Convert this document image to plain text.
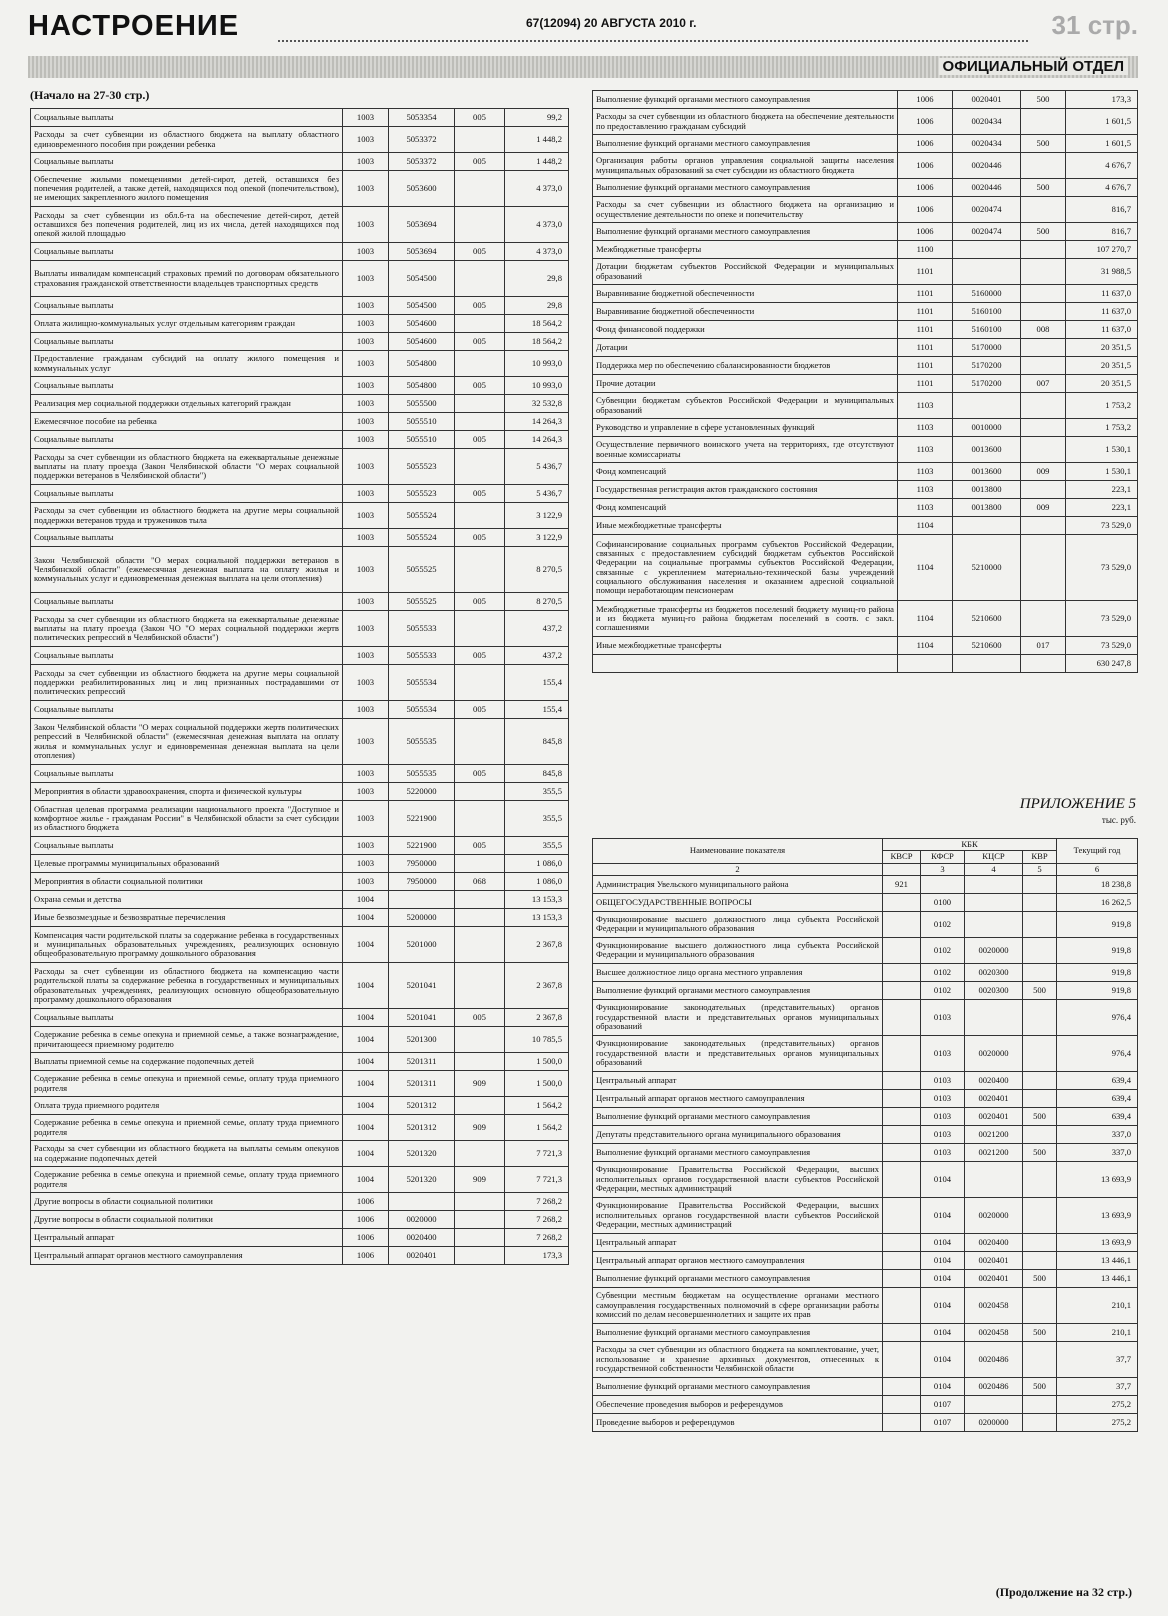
НАСТРОЕНИЕ	67(12094) 20 АВГУСТА 2010 г.	31 стр.
ОФИЦИАЛЬНЫЙ ОТДЕЛ
(Начало на 27-30 стр.)
Социальные выплаты	1003	5053354	005	99,2
Расходы за счет субвенции из областного бюджета на выплату областного единовременного пособия при рождении ребенка	1003	5053372		1 448,2
Социальные выплаты	1003	5053372	005	1 448,2
Обеспечение жилыми помещениями детей-сирот, детей, оставшихся без попечения родителей, а также детей, находящихся под опекой (попечительством), не имеющих закрепленного жилого помещения	1003	5053600		4 373,0
Расходы за счет субвенции из обл.б-та на обеспечение детей-сирот, детей оставшихся без попечения родителей, лиц из их числа, детей находящихся под опекой жилой площадью	1003	5053694		4 373,0
Социальные выплаты	1003	5053694	005	4 373,0
Выплаты инвалидам компенсаций страховых премий по договорам обязательного страхования гражданской ответственности владельцев транспортных средств	1003	5054500		29,8
Социальные выплаты	1003	5054500	005	29,8
Оплата жилищно-коммунальных услуг отдельным категориям граждан	1003	5054600		18 564,2
Социальные выплаты	1003	5054600	005	18 564,2
Предоставление гражданам субсидий на оплату жилого помещения и коммунальных услуг	1003	5054800		10 993,0
Социальные выплаты	1003	5054800	005	10 993,0
Реализация мер социальной поддержки отдельных категорий граждан	1003	5055500		32 532,8
Ежемесячное пособие на ребенка	1003	5055510		14 264,3
Социальные выплаты	1003	5055510	005	14 264,3
Расходы за счет субвенции из областного бюджета на ежеквартальные денежные выплаты на плату проезда (Закон Челябинской области "О мерах социальной поддержки ветеранов в Челябинской области")	1003	5055523		5 436,7
Социальные выплаты	1003	5055523	005	5 436,7
Расходы за счет субвенции из областного бюджета на другие меры социальной поддержки ветеранов труда и тружеников тыла	1003	5055524		3 122,9
Социальные выплаты	1003	5055524	005	3 122,9
Закон Челябинской области "О мерах социальной поддержки ветеранов в Челябинской области" (ежемесячная денежная выплата на оплату жилья и коммунальных услуг и единовременная денежная выплата на цели отопления)	1003	5055525		8 270,5
Социальные выплаты	1003	5055525	005	8 270,5
Расходы за счет субвенции из областного бюджета на ежеквартальные денежные выплаты на плату проезда (Закон ЧО "О мерах социальной поддержки жертв политических репрессий в Челябинской области")	1003	5055533		437,2
Социальные выплаты	1003	5055533	005	437,2
Расходы за счет субвенции из областного бюджета на другие меры социальной поддержки реабилитированных лиц и лиц признанных пострадавшими от политических репрессий	1003	5055534		155,4
Социальные выплаты	1003	5055534	005	155,4
Закон Челябинской области "О мерах социальной поддержки жертв политических репрессий в Челябинской области" (ежемесячная денежная выплата на оплату жилья и коммунальных услуг и единовременная денежная выплата на цели отопления)	1003	5055535		845,8
Социальные выплаты	1003	5055535	005	845,8
Мероприятия в области здравоохранения, спорта и физической культуры	1003	5220000		355,5
Областная целевая программа реализации национального проекта "Доступное и комфортное жилье - гражданам России" в Челябинской области за счет субсидии из областного бюджета	1003	5221900		355,5
Социальные выплаты	1003	5221900	005	355,5
Целевые программы муниципальных образований	1003	7950000		1 086,0
Мероприятия в области социальной политики	1003	7950000	068	1 086,0
Охрана семьи и детства	1004			13 153,3
Иные безвозмездные и безвозвратные перечисления	1004	5200000		13 153,3
Компенсация части родительской платы за содержание ребенка в государственных и муниципальных образовательных учреждениях, реализующих основную общеобразовательную программу дошкольного образования	1004	5201000		2 367,8
Расходы за счет субвенции из областного бюджета на компенсацию части родительской платы за содержание ребенка в государственных и муниципальных образовательных учреждениях, реализующих основную общеобразовательную программу дошкольного образования	1004	5201041		2 367,8
Социальные выплаты	1004	5201041	005	2 367,8
Содержание ребенка в семье опекуна и приемной семье, а также вознаграждение, причитающееся приемному родителю	1004	5201300		10 785,5
Выплаты приемной семье на содержание подопечных детей	1004	5201311		1 500,0
Содержание ребенка в семье опекуна и приемной семье, оплату труда приемного родителя	1004	5201311	909	1 500,0
Оплата труда приемного родителя	1004	5201312		1 564,2
Содержание ребенка в семье опекуна и приемной семье, оплату труда приемного родителя	1004	5201312	909	1 564,2
Расходы за счет субвенции из областного бюджета на выплаты семьям опекунов на содержание подопечных детей	1004	5201320		7 721,3
Содержание ребенка в семье опекуна и приемной семье, оплату труда приемного родителя	1004	5201320	909	7 721,3
Другие вопросы в области социальной политики	1006			7 268,2
Другие вопросы в области социальной политики	1006	0020000		7 268,2
Центральный аппарат	1006	0020400		7 268,2
Центральный аппарат органов местного самоуправления	1006	0020401		173,3
Выполнение функций органами местного самоуправления	1006	0020401	500	173,3
Расходы за счет субвенции из областного бюджета на обеспечение деятельности по предоставлению гражданам субсидий	1006	0020434		1 601,5
Выполнение функций органами местного самоуправления	1006	0020434	500	1 601,5
Организация работы органов управления социальной защиты населения муниципальных образований за счет субсидии из областного бюджета	1006	0020446		4 676,7
Выполнение функций органами местного самоуправления	1006	0020446	500	4 676,7
Расходы за счет субвенции из областного бюджета на организацию и осуществление деятельности по опеке и попечительству	1006	0020474		816,7
Выполнение функций органами местного самоуправления	1006	0020474	500	816,7
Межбюджетные трансферты	1100			107 270,7
Дотации бюджетам субъектов Российской Федерации и муниципальных образований	1101			31 988,5
Выравнивание бюджетной обеспеченности	1101	5160000		11 637,0
Выравнивание бюджетной обеспеченности	1101	5160100		11 637,0
Фонд финансовой поддержки	1101	5160100	008	11 637,0
Дотации	1101	5170000		20 351,5
Поддержка мер по обеспечению сбалансированности бюджетов	1101	5170200		20 351,5
Прочие дотации	1101	5170200	007	20 351,5
Субвенции бюджетам субъектов Российской Федерации и муниципальных образований	1103			1 753,2
Руководство и управление в сфере установленных функций	1103	0010000		1 753,2
Осуществление первичного воинского учета на территориях, где отсутствуют военные комиссариаты	1103	0013600		1 530,1
Фонд компенсаций	1103	0013600	009	1 530,1
Государственная регистрация актов гражданского состояния	1103	0013800		223,1
Фонд компенсаций	1103	0013800	009	223,1
Иные межбюджетные трансферты	1104			73 529,0
Софинансирование социальных программ субъектов Российской Федерации, связанных с предоставлением субсидий бюджетам субъектов Российской Федерации на социальные программы субъектов Российской Федерации, связанные с укреплением материально-технической базы учреждений социального обслуживания населения и оказанием адресной социальной помощи неработающим пенсионерам	1104	5210000		73 529,0
Межбюджетные трансферты из бюджетов поселений бюджету муниц-го района и из бюджета муниц-го района бюджетам поселений в соотв. с закл. соглашениями	1104	5210600		73 529,0
Иные межбюджетные трансферты	1104	5210600	017	73 529,0
				630 247,8
ПРИЛОЖЕНИЕ 5
тыс. руб.
Наименование показателя	КБК				Текущий год
	КВСР	КФСР	КЦСР	КВР	
2		3	4	5	6
Администрация Увельского муниципального района	921				18 238,8
ОБЩЕГОСУДАРСТВЕННЫЕ ВОПРОСЫ		0100			16 262,5
Функционирование высшего должностного лица субъекта Российской Федерации и муниципального образования		0102			919,8
Функционирование высшего должностного лица субъекта Российской Федерации и муниципального образования		0102	0020000		919,8
Высшее должностное лицо органа местного управления		0102	0020300		919,8
Выполнение функций органами местного самоуправления		0102	0020300	500	919,8
Функционирование законодательных (представительных) органов государственной власти и представительных органов муниципальных образований		0103			976,4
Функционирование законодательных (представительных) органов государственной власти и представительных органов муниципальных образований		0103	0020000		976,4
Центральный аппарат		0103	0020400		639,4
Центральный аппарат органов местного самоуправления		0103	0020401		639,4
Выполнение функций органами местного самоуправления		0103	0020401	500	639,4
Депутаты представительного органа муниципального образования		0103	0021200		337,0
Выполнение функций органами местного самоуправления		0103	0021200	500	337,0
Функционирование Правительства Российской Федерации, высших исполнительных органов государственной власти субъектов Российской Федерации, местных администраций		0104			13 693,9
Функционирование Правительства Российской Федерации, высших исполнительных органов государственной власти субъектов Российской Федерации, местных администраций		0104	0020000		13 693,9
Центральный аппарат		0104	0020400		13 693,9
Центральный аппарат органов местного самоуправления		0104	0020401		13 446,1
Выполнение функций органами местного самоуправления		0104	0020401	500	13 446,1
Субвенции местным бюджетам на осуществление органами местного самоуправления государственных полномочий в сфере организации работы комиссий по делам несовершеннолетних и защите их прав		0104	0020458		210,1
Выполнение функций органами местного самоуправления		0104	0020458	500	210,1
Расходы за счет субвенции из областного бюджета на комплектование, учет, использование и хранение архивных документов, отнесенных к государственной собственности Челябинской области		0104	0020486		37,7
Выполнение функций органами местного самоуправления		0104	0020486	500	37,7
Обеспечение проведения выборов и референдумов		0107			275,2
Проведение выборов и референдумов		0107	0200000		275,2
(Продолжение на 32 стр.)
